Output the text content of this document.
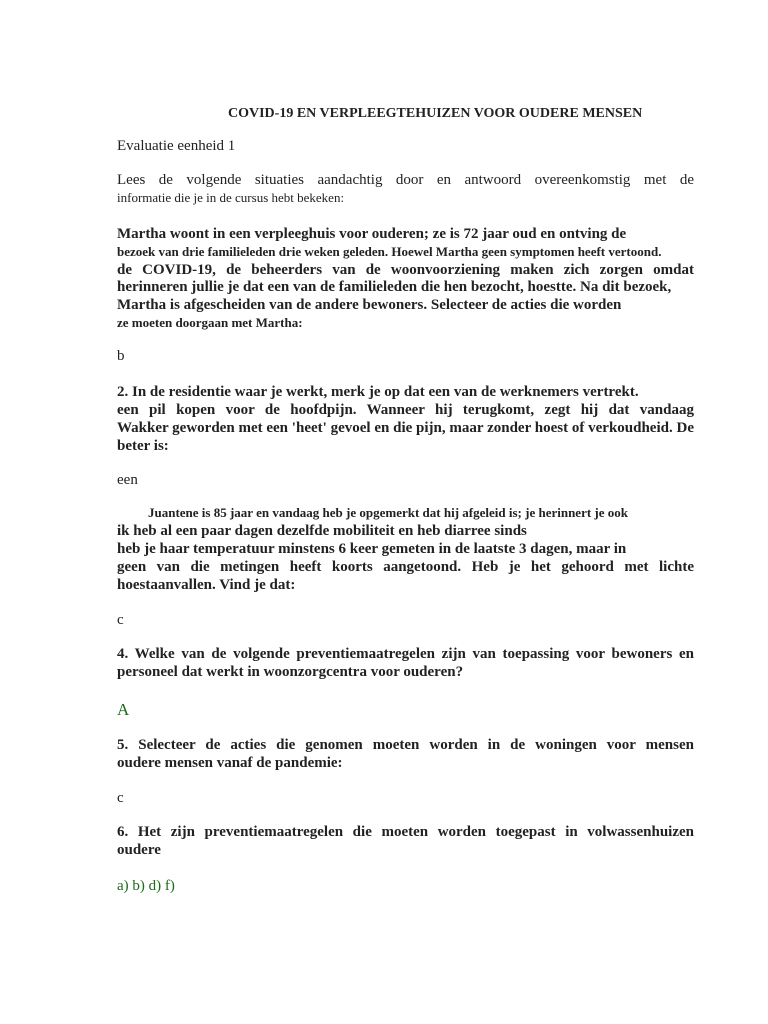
COVID-19 EN VERPLEEGTEHUIZEN VOOR OUDERE MENSEN
Evaluatie eenheid 1
Lees de volgende situaties aandachtig door en antwoord overeenkomstig met de
informatie die je in de cursus hebt bekeken:
Martha woont in een verpleeghuis voor ouderen; ze is 72 jaar oud en ontving de
bezoek van drie familieleden drie weken geleden. Hoewel Martha geen symptomen heeft vertoond.
de COVID-19, de beheerders van de woonvoorziening maken zich zorgen omdat
herinneren jullie je dat een van de familieleden die hen bezocht, hoestte. Na dit bezoek,
Martha is afgescheiden van de andere bewoners. Selecteer de acties die worden
ze moeten doorgaan met Martha:
b
2. In de residentie waar je werkt, merk je op dat een van de werknemers vertrekt.
een pil kopen voor de hoofdpijn. Wanneer hij terugkomt, zegt hij dat vandaag
Wakker geworden met een 'heet' gevoel en die pijn, maar zonder hoest of verkoudheid. De
beter is:
een
Juantene is 85 jaar en vandaag heb je opgemerkt dat hij afgeleid is; je herinnert je ook
ik heb al een paar dagen dezelfde mobiliteit en heb diarree sinds
heb je haar temperatuur minstens 6 keer gemeten in de laatste 3 dagen, maar in
geen van die metingen heeft koorts aangetoond. Heb je het gehoord met lichte
hoestaanvallen. Vind je dat:
c
4. Welke van de volgende preventiemaatregelen zijn van toepassing voor bewoners en
personeel dat werkt in woonzorgcentra voor ouderen?
A
5. Selecteer de acties die genomen moeten worden in de woningen voor mensen
oudere mensen vanaf de pandemie:
c
6. Het zijn preventiemaatregelen die moeten worden toegepast in volwassenhuizen
oudere
a) b) d) f)
